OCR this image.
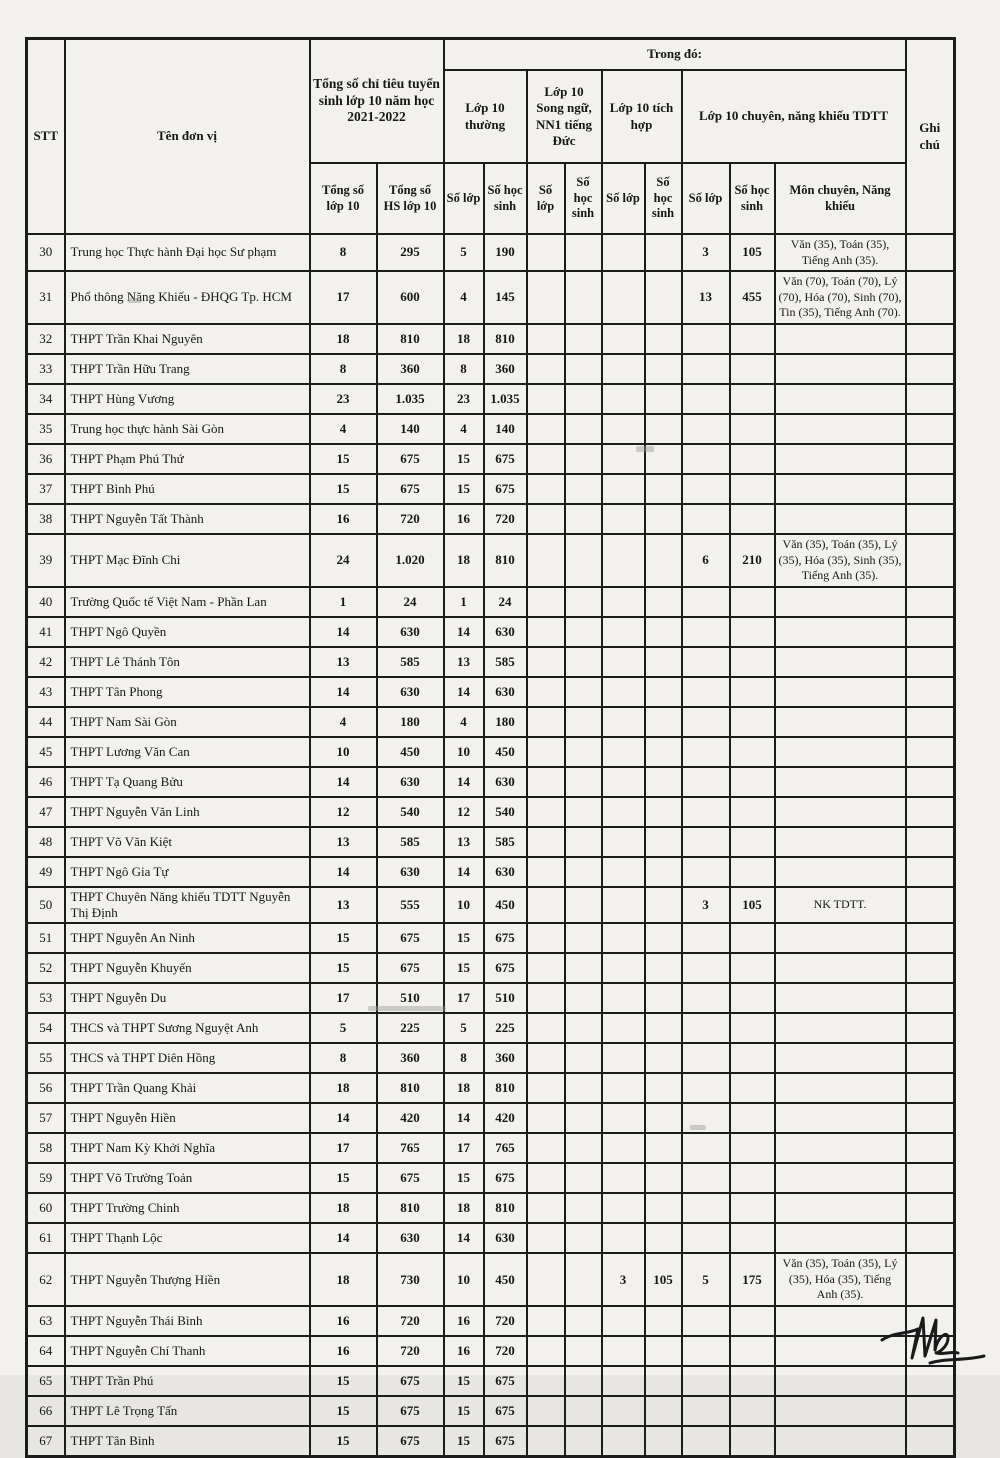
STT	Tên đơn vị	Tổng số chỉ tiêu tuyển sinh lớp 10 năm học 2021-2022		Trong đó:									Ghi chú
				Lớp 10 thường		Lớp 10 Song ngữ, NN1 tiếng Đức		Lớp 10 tích hợp		Lớp 10 chuyên, năng khiếu TDTT			
		Tổng số lớp 10	Tổng số HS lớp 10	Số lớp	Số học sinh	Số lớp	Số học sinh	Số lớp	Số học sinh	Số lớp	Số học sinh	Môn chuyên, Năng khiếu	
30	Trung học Thực hành Đại học Sư phạm	8	295	5	190					3	105	Văn (35), Toán (35), Tiếng Anh (35).	
31	Phổ thông Năng Khiếu - ĐHQG Tp. HCM	17	600	4	145					13	455	Văn (70), Toán (70), Lý (70), Hóa (70), Sinh (70), Tin (35), Tiếng Anh (70).	
32	THPT Trần Khai Nguyên	18	810	18	810								
33	THPT Trần Hữu Trang	8	360	8	360								
34	THPT Hùng Vương	23	1.035	23	1.035								
35	Trung học thực hành Sài Gòn	4	140	4	140								
36	THPT Phạm Phú Thứ	15	675	15	675								
37	THPT Bình Phú	15	675	15	675								
38	THPT Nguyễn Tất Thành	16	720	16	720								
39	THPT Mạc Đĩnh Chi	24	1.020	18	810					6	210	Văn (35), Toán (35), Lý (35), Hóa (35), Sinh (35), Tiếng Anh (35).	
40	Trường Quốc tế Việt Nam - Phần Lan	1	24	1	24								
41	THPT Ngô Quyền	14	630	14	630								
42	THPT Lê Thánh Tôn	13	585	13	585								
43	THPT Tân Phong	14	630	14	630								
44	THPT Nam Sài Gòn	4	180	4	180								
45	THPT Lương Văn Can	10	450	10	450								
46	THPT Tạ Quang Bửu	14	630	14	630								
47	THPT Nguyễn Văn Linh	12	540	12	540								
48	THPT Võ Văn Kiệt	13	585	13	585								
49	THPT Ngô Gia Tự	14	630	14	630								
50	THPT Chuyên Năng khiếu TDTT Nguyễn Thị Định	13	555	10	450					3	105	NK TDTT.	
51	THPT Nguyễn An Ninh	15	675	15	675								
52	THPT Nguyễn Khuyến	15	675	15	675								
53	THPT Nguyễn Du	17	510	17	510								
54	THCS và THPT Sương Nguyệt Anh	5	225	5	225								
55	THCS và THPT Diên Hồng	8	360	8	360								
56	THPT Trần Quang Khải	18	810	18	810								
57	THPT Nguyễn Hiền	14	420	14	420								
58	THPT Nam Kỳ Khởi Nghĩa	17	765	17	765								
59	THPT Võ Trường Toản	15	675	15	675								
60	THPT Trường Chinh	18	810	18	810								
61	THPT Thạnh Lộc	14	630	14	630								
62	THPT Nguyễn Thượng Hiền	18	730	10	450			3	105	5	175	Văn (35), Toán (35), Lý (35), Hóa (35), Tiếng Anh (35).	
63	THPT Nguyễn Thái Bình	16	720	16	720								
64	THPT Nguyễn Chí Thanh	16	720	16	720								
65	THPT Trần Phú	15	675	15	675								
66	THPT Lê Trọng Tấn	15	675	15	675								
67	THPT Tân Bình	15	675	15	675								
